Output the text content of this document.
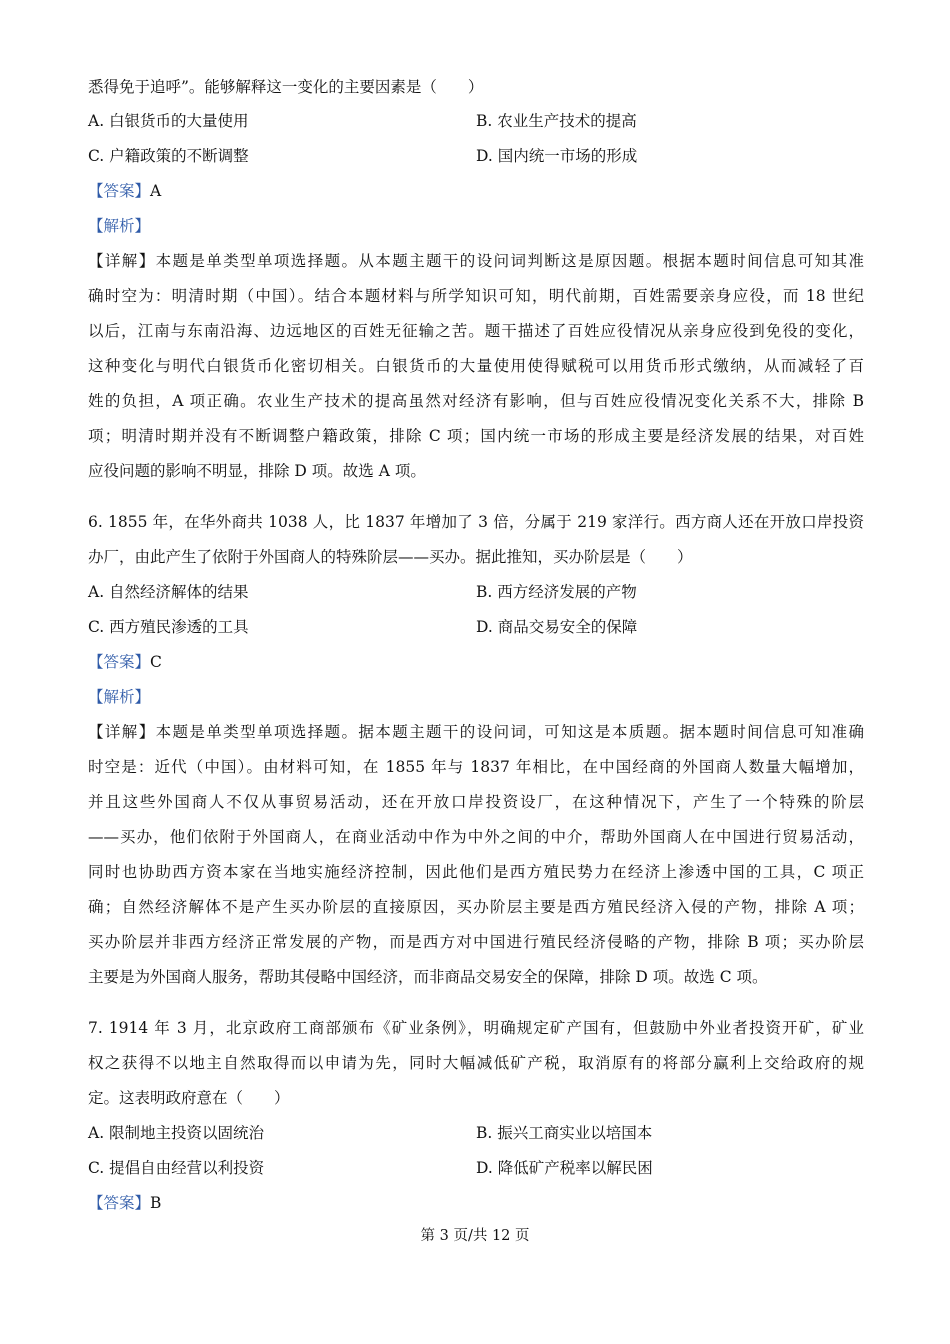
悉得免于追呼”。能够解释这一变化的主要因素是（　　）
A. 白银货币的大量使用	B. 农业生产技术的提高
C. 户籍政策的不断调整	D. 国内统一市场的形成
【答案】A
【解析】
【详解】本题是单类型单项选择题。从本题主题干的设问词判断这是原因题。根据本题时间信息可知其准
确时空为：明清时期（中国）。结合本题材料与所学知识可知，明代前期，百姓需要亲身应役，而 18 世纪
以后，江南与东南沿海、边远地区的百姓无征输之苦。题干描述了百姓应役情况从亲身应役到免役的变化，
这种变化与明代白银货币化密切相关。白银货币的大量使用使得赋税可以用货币形式缴纳，从而减轻了百
姓的负担，A 项正确。农业生产技术的提高虽然对经济有影响，但与百姓应役情况变化关系不大，排除 B
项；明清时期并没有不断调整户籍政策，排除 C 项；国内统一市场的形成主要是经济发展的结果，对百姓
应役问题的影响不明显，排除 D 项。故选 A 项。
6. 1855 年，在华外商共 1038 人，比 1837 年增加了 3 倍，分属于 219 家洋行。西方商人还在开放口岸投资
办厂，由此产生了依附于外国商人的特殊阶层——买办。据此推知，买办阶层是（　　）
A. 自然经济解体的结果	B. 西方经济发展的产物
C. 西方殖民渗透的工具	D. 商品交易安全的保障
【答案】C
【解析】
【详解】本题是单类型单项选择题。据本题主题干的设问词，可知这是本质题。据本题时间信息可知准确
时空是：近代（中国）。由材料可知，在 1855 年与 1837 年相比，在中国经商的外国商人数量大幅增加，
并且这些外国商人不仅从事贸易活动，还在开放口岸投资设厂，在这种情况下，产生了一个特殊的阶层
——买办，他们依附于外国商人，在商业活动中作为中外之间的中介，帮助外国商人在中国进行贸易活动，
同时也协助西方资本家在当地实施经济控制，因此他们是西方殖民势力在经济上渗透中国的工具，C 项正
确；自然经济解体不是产生买办阶层的直接原因，买办阶层主要是西方殖民经济入侵的产物，排除 A 项；
买办阶层并非西方经济正常发展的产物，而是西方对中国进行殖民经济侵略的产物，排除 B 项；买办阶层
主要是为外国商人服务，帮助其侵略中国经济，而非商品交易安全的保障，排除 D 项。故选 C 项。
7. 1914 年 3 月，北京政府工商部颁布《矿业条例》，明确规定矿产国有，但鼓励中外业者投资开矿，矿业
权之获得不以地主自然取得而以申请为先，同时大幅减低矿产税，取消原有的将部分赢利上交给政府的规
定。这表明政府意在（　　）
A. 限制地主投资以固统治	B. 振兴工商实业以培国本
C. 提倡自由经营以利投资	D. 降低矿产税率以解民困
【答案】B
第 3 页/共 12 页
